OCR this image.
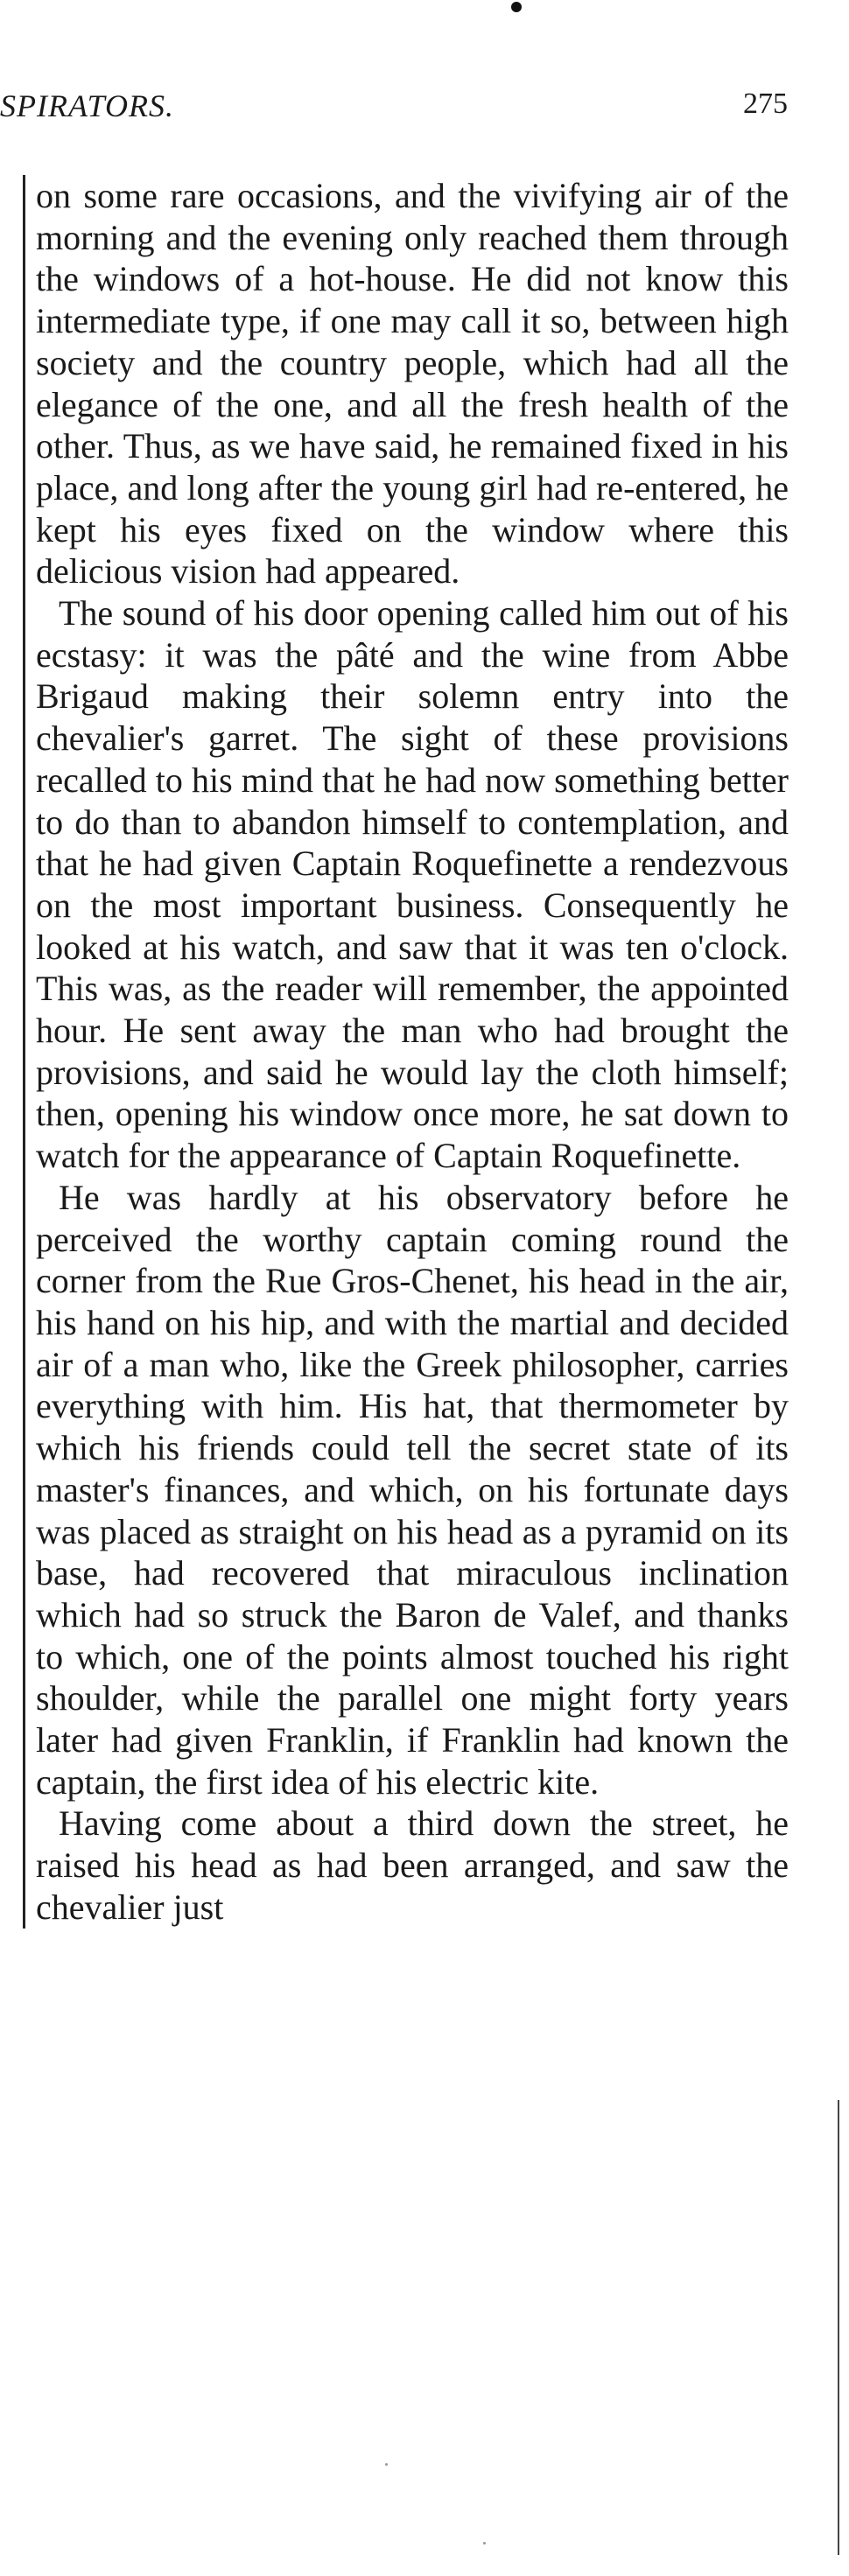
SPIRATORS.	275

on some rare occasions, and the vivifying air of the morning and the evening only reached them through the windows of a hot-house. He did not know this intermediate type, if one may call it so, between high society and the country people, which had all the elegance of the one, and all the fresh health of the other. Thus, as we have said, he remained fixed in his place, and long after the young girl had re-entered, he kept his eyes fixed on the window where this delicious vision had appeared.

The sound of his door opening called him out of his ecstasy: it was the pâté and the wine from Abbe Brigaud making their solemn entry into the chevalier's garret. The sight of these provisions recalled to his mind that he had now something better to do than to abandon himself to contemplation, and that he had given Captain Roquefinette a rendezvous on the most important business. Consequently he looked at his watch, and saw that it was ten o'clock. This was, as the reader will remember, the appointed hour. He sent away the man who had brought the provisions, and said he would lay the cloth himself; then, opening his window once more, he sat down to watch for the appearance of Captain Roquefinette.

He was hardly at his observatory before he perceived the worthy captain coming round the corner from the Rue Gros-Chenet, his head in the air, his hand on his hip, and with the martial and decided air of a man who, like the Greek philosopher, carries everything with him. His hat, that thermometer by which his friends could tell the secret state of its master's finances, and which, on his fortunate days was placed as straight on his head as a pyramid on its base, had recovered that miraculous inclination which had so struck the Baron de Valef, and thanks to which, one of the points almost touched his right shoulder, while the parallel one might forty years later had given Franklin, if Franklin had known the captain, the first idea of his electric kite.

Having come about a third down the street, he raised his head as had been arranged, and saw the chevalier just
